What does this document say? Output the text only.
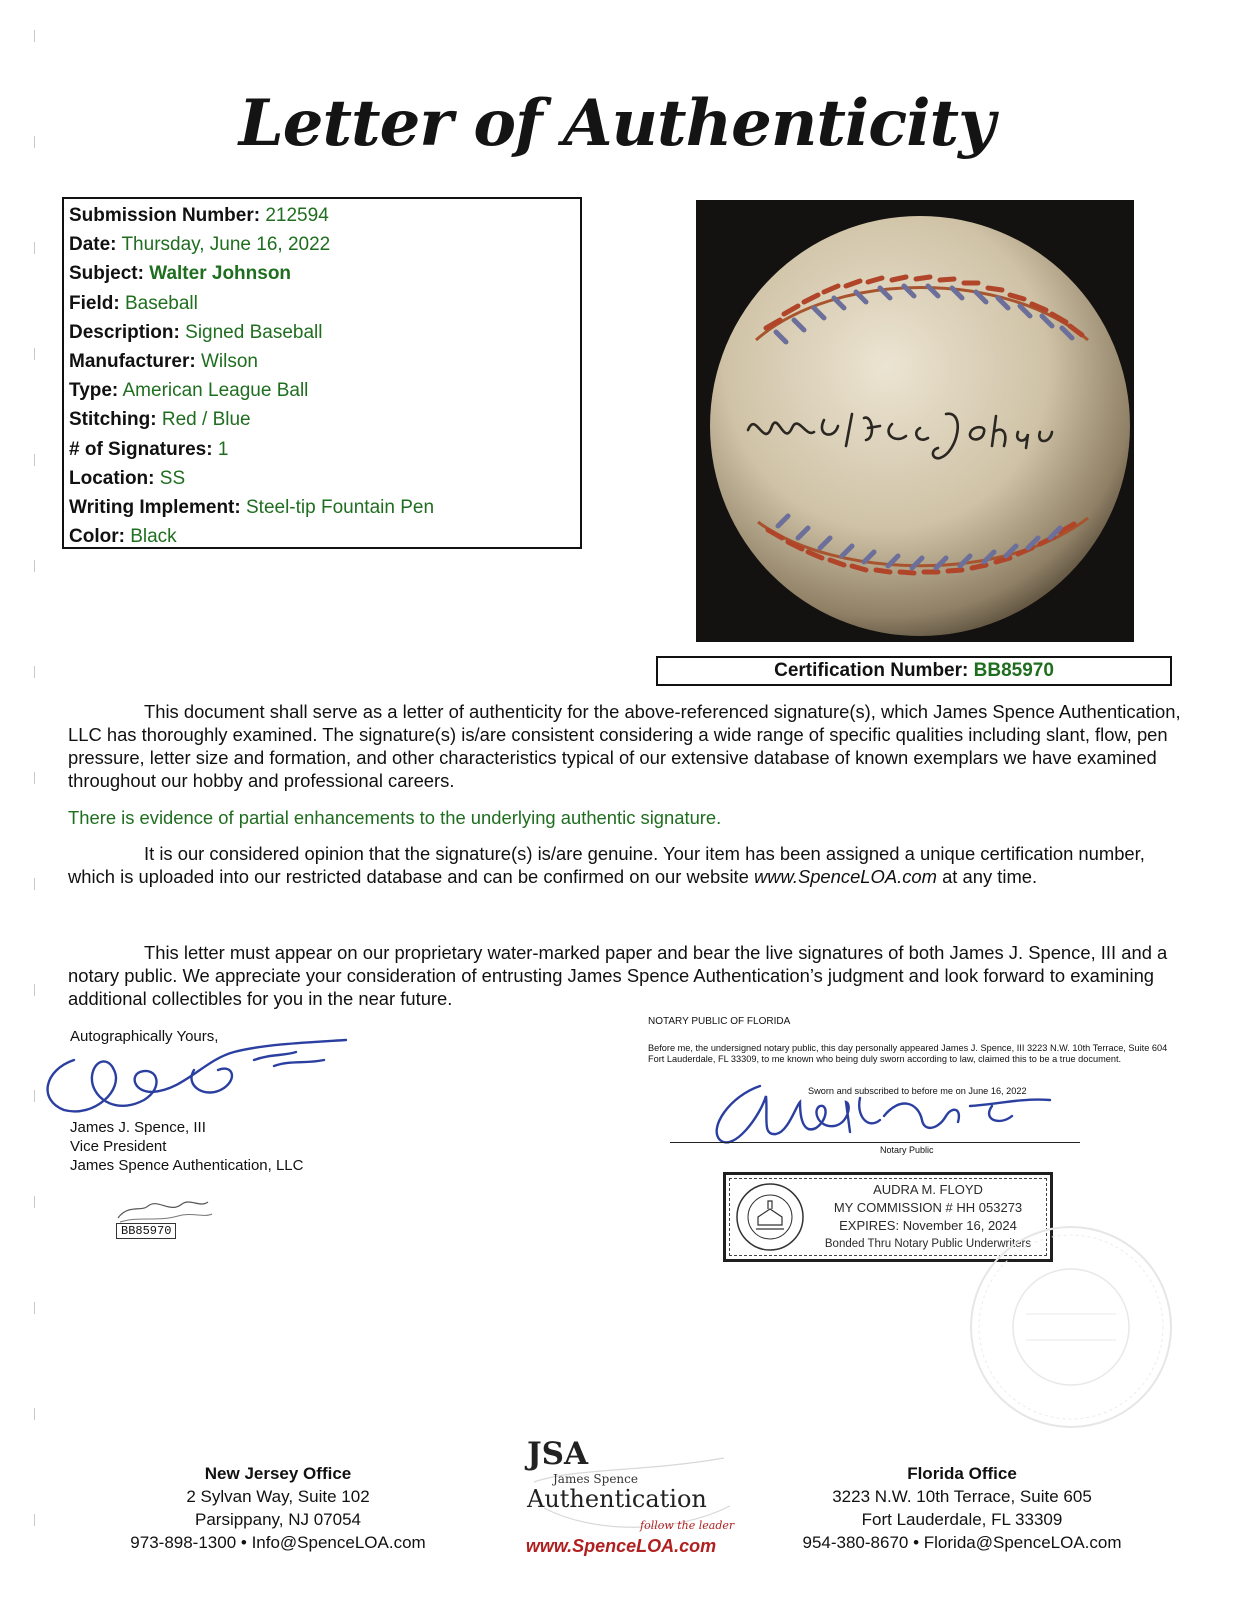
Letter of Authenticity
Submission Number: 212594
Date: Thursday, June 16, 2022
Subject: Walter Johnson
Field: Baseball
Description: Signed Baseball
Manufacturer: Wilson
Type: American League Ball
Stitching: Red / Blue
# of Signatures: 1
Location: SS
Writing Implement: Steel-tip Fountain Pen
Color: Black
Certification Number: BB85970

This document shall serve as a letter of authenticity for the above-referenced signature(s), which James Spence Authentication, LLC has thoroughly examined. The signature(s) is/are consistent considering a wide range of specific qualities including slant, flow, pen pressure, letter size and formation, and other characteristics typical of our extensive database of known exemplars we have examined throughout our hobby and professional careers.

There is evidence of partial enhancements to the underlying authentic signature.

It is our considered opinion that the signature(s) is/are genuine. Your item has been assigned a unique certification number, which is uploaded into our restricted database and can be confirmed on our website www.SpenceLOA.com at any time.

This letter must appear on our proprietary water-marked paper and bear the live signatures of both James J. Spence, III and a notary public. We appreciate your consideration of entrusting James Spence Authentication’s judgment and look forward to examining additional collectibles for you in the near future.

Autographically Yours,
James J. Spence, III
Vice President
James Spence Authentication, LLC
BB85970
NOTARY PUBLIC OF FLORIDA
Before me, the undersigned notary public, this day personally appeared James J. Spence, III 3223 N.W. 10th Terrace, Suite 604 Fort Lauderdale, FL 33309, to me known who being duly sworn according to law, claimed this to be a true document.
Sworn and subscribed to before me on June 16, 2022
Notary Public
AUDRA M. FLOYD
MY COMMISSION # HH 053273
EXPIRES: November 16, 2024
Bonded Thru Notary Public Underwriters
New Jersey Office
2 Sylvan Way, Suite 102
Parsippany, NJ 07054
973-898-1300 • Info@SpenceLOA.com
JSA
James Spence
Authentication
follow the leader
www.SpenceLOA.com
Florida Office
3223 N.W. 10th Terrace, Suite 605
Fort Lauderdale, FL 33309
954-380-8670 • Florida@SpenceLOA.com
